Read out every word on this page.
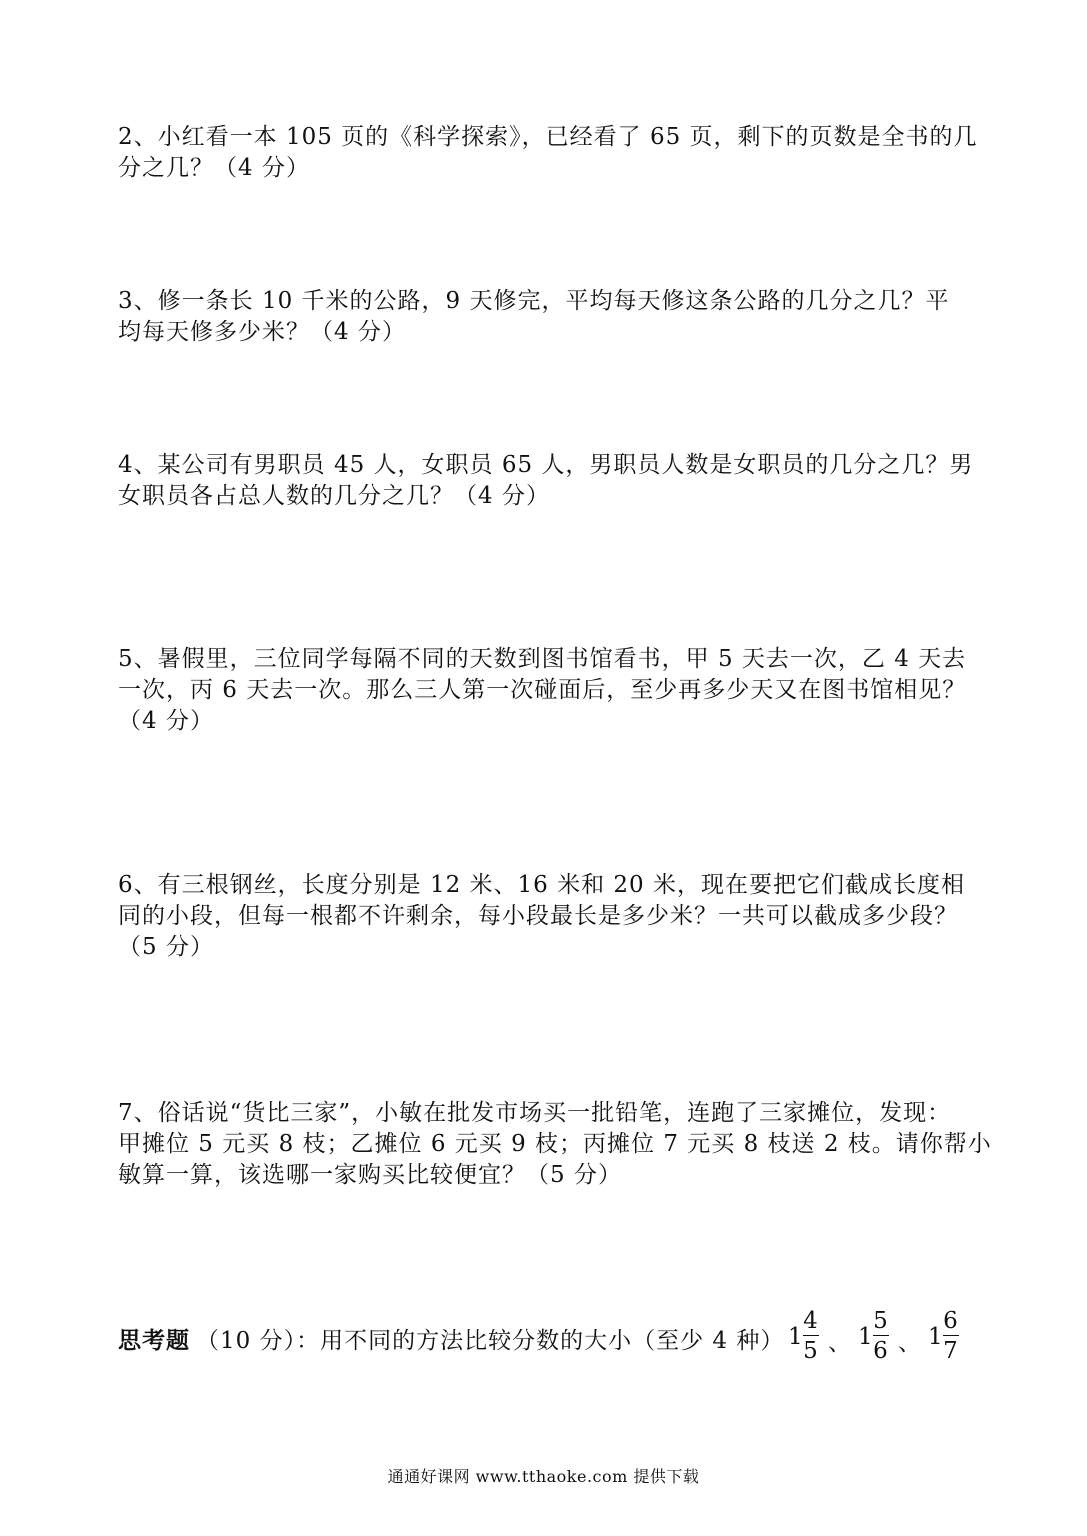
2、小红看一本 105 页的《科学探索》，已经看了 65 页，剩下的页数是全书的几
分之几？（4 分）
3、修一条长 10 千米的公路，9 天修完，平均每天修这条公路的几分之几？平
均每天修多少米？（4 分）
4、某公司有男职员 45 人，女职员 65 人，男职员人数是女职员的几分之几？男
女职员各占总人数的几分之几？（4 分）
5、暑假里，三位同学每隔不同的天数到图书馆看书，甲 5 天去一次，乙 4 天去
一次，丙 6 天去一次。那么三人第一次碰面后，至少再多少天又在图书馆相见？
（4 分）
6、有三根钢丝，长度分别是 12 米、16 米和 20 米，现在要把它们截成长度相
同的小段，但每一根都不许剩余，每小段最长是多少米？一共可以截成多少段？
（5 分）
7、俗话说“货比三家”，小敏在批发市场买一批铅笔，连跑了三家摊位，发现：
甲摊位 5 元买 8 枝；乙摊位 6 元买 9 枝；丙摊位 7 元买 8 枝送 2 枝。请你帮小
敏算一算，该选哪一家购买比较便宜？（5 分）
思考题 （10 分）：用不同的方法比较分数的大小（至少 4 种） 1
4
5 、 1
5
6 、 1
6
7
通通好课网 www.tthaoke.com 提供下载
